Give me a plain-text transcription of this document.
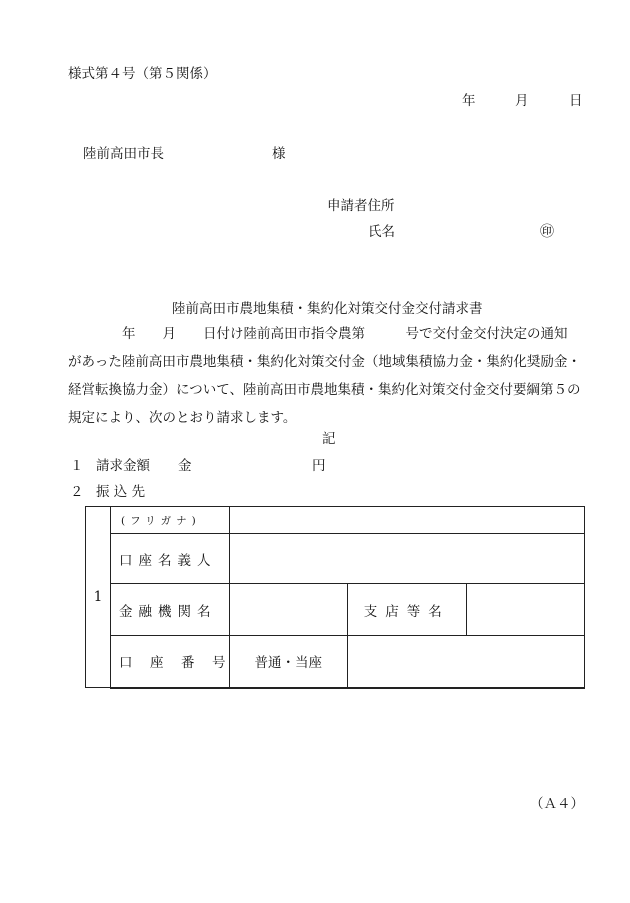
様式第４号（第５関係）
年	月	日
陸前高田市長	様
申請者住所
氏名	㊞
陸前高田市農地集積・集約化対策交付金交付請求書
　　　　年　　月　　日付け陸前高田市指令農第　　　号で交付金交付決定の通知
があった陸前高田市農地集積・集約化対策交付金（地域集積協力金・集約化奨励金・
経営転換協力金）について、陸前高田市農地集積・集約化対策交付金交付要綱第５の
規定により、次のとおり請求します。
記
１ 請求金額 金	円
２ 振 込 先
1	(フリガナ)			
	口座名義人			
	金融機関名		支店等名	
	口　座　番　号	普通・当座		
（Ａ４）
